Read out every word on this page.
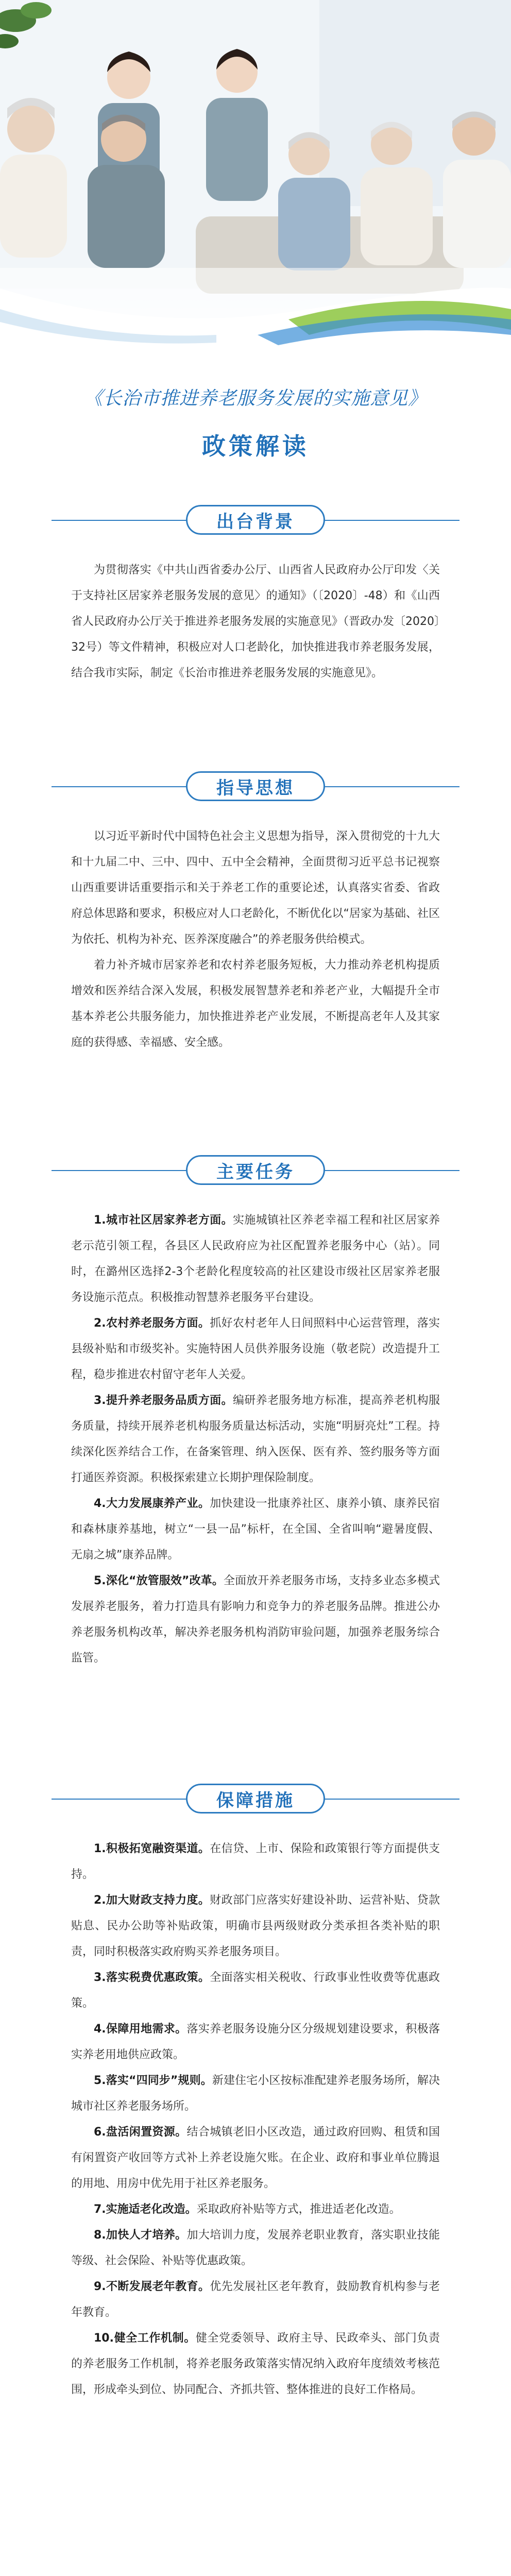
《长治市推进养老服务发展的实施意见》
政策解读
出台背景

为贯彻落实《中共山西省委办公厅、山西省人民政府办公厅印发〈关于支持社区居家养老服务发展的意见〉的通知》（〔2020〕-48）和《山西省人民政府办公厅关于推进养老服务发展的实施意见》（晋政办发〔2020〕32号）等文件精神，积极应对人口老龄化，加快推进我市养老服务发展，结合我市实际，制定《长治市推进养老服务发展的实施意见》。

指导思想

以习近平新时代中国特色社会主义思想为指导，深入贯彻党的十九大和十九届二中、三中、四中、五中全会精神，全面贯彻习近平总书记视察山西重要讲话重要指示和关于养老工作的重要论述，认真落实省委、省政府总体思路和要求，积极应对人口老龄化，不断优化以“居家为基础、社区为依托、机构为补充、医养深度融合”的养老服务供给模式。

着力补齐城市居家养老和农村养老服务短板，大力推动养老机构提质增效和医养结合深入发展，积极发展智慧养老和养老产业，大幅提升全市基本养老公共服务能力，加快推进养老产业发展，不断提高老年人及其家庭的获得感、幸福感、安全感。

主要任务

1.城市社区居家养老方面。实施城镇社区养老幸福工程和社区居家养老示范引领工程，各县区人民政府应为社区配置养老服务中心（站）。同时，在潞州区选择2-3个老龄化程度较高的社区建设市级社区居家养老服务设施示范点。积极推动智慧养老服务平台建设。

2.农村养老服务方面。抓好农村老年人日间照料中心运营管理，落实县级补贴和市级奖补。实施特困人员供养服务设施（敬老院）改造提升工程，稳步推进农村留守老年人关爱。

3.提升养老服务品质方面。编研养老服务地方标准，提高养老机构服务质量，持续开展养老机构服务质量达标活动，实施“明厨亮灶”工程。持续深化医养结合工作，在备案管理、纳入医保、医有养、签约服务等方面打通医养资源。积极探索建立长期护理保险制度。

4.大力发展康养产业。加快建设一批康养社区、康养小镇、康养民宿和森林康养基地，树立“一县一品”标杆，在全国、全省叫响“避暑度假、无扇之城”康养品牌。

5.深化“放管服效”改革。全面放开养老服务市场，支持多业态多模式发展养老服务，着力打造具有影响力和竞争力的养老服务品牌。推进公办养老服务机构改革，解决养老服务机构消防审验问题，加强养老服务综合监管。

保障措施

1.积极拓宽融资渠道。在信贷、上市、保险和政策银行等方面提供支持。

2.加大财政支持力度。财政部门应落实好建设补助、运营补贴、贷款贴息、民办公助等补贴政策，明确市县两级财政分类承担各类补贴的职责，同时积极落实政府购买养老服务项目。

3.落实税费优惠政策。全面落实相关税收、行政事业性收费等优惠政策。

4.保障用地需求。落实养老服务设施分区分级规划建设要求，积极落实养老用地供应政策。

5.落实“四同步”规则。新建住宅小区按标准配建养老服务场所，解决城市社区养老服务场所。

6.盘活闲置资源。结合城镇老旧小区改造，通过政府回购、租赁和国有闲置资产收回等方式补上养老设施欠账。在企业、政府和事业单位腾退的用地、用房中优先用于社区养老服务。

7.实施适老化改造。采取政府补贴等方式，推进适老化改造。

8.加快人才培养。加大培训力度，发展养老职业教育，落实职业技能等级、社会保险、补贴等优惠政策。

9.不断发展老年教育。优先发展社区老年教育，鼓励教育机构参与老年教育。

10.健全工作机制。健全党委领导、政府主导、民政牵头、部门负责的养老服务工作机制，将养老服务政策落实情况纳入政府年度绩效考核范围，形成牵头到位、协同配合、齐抓共管、整体推进的良好工作格局。
